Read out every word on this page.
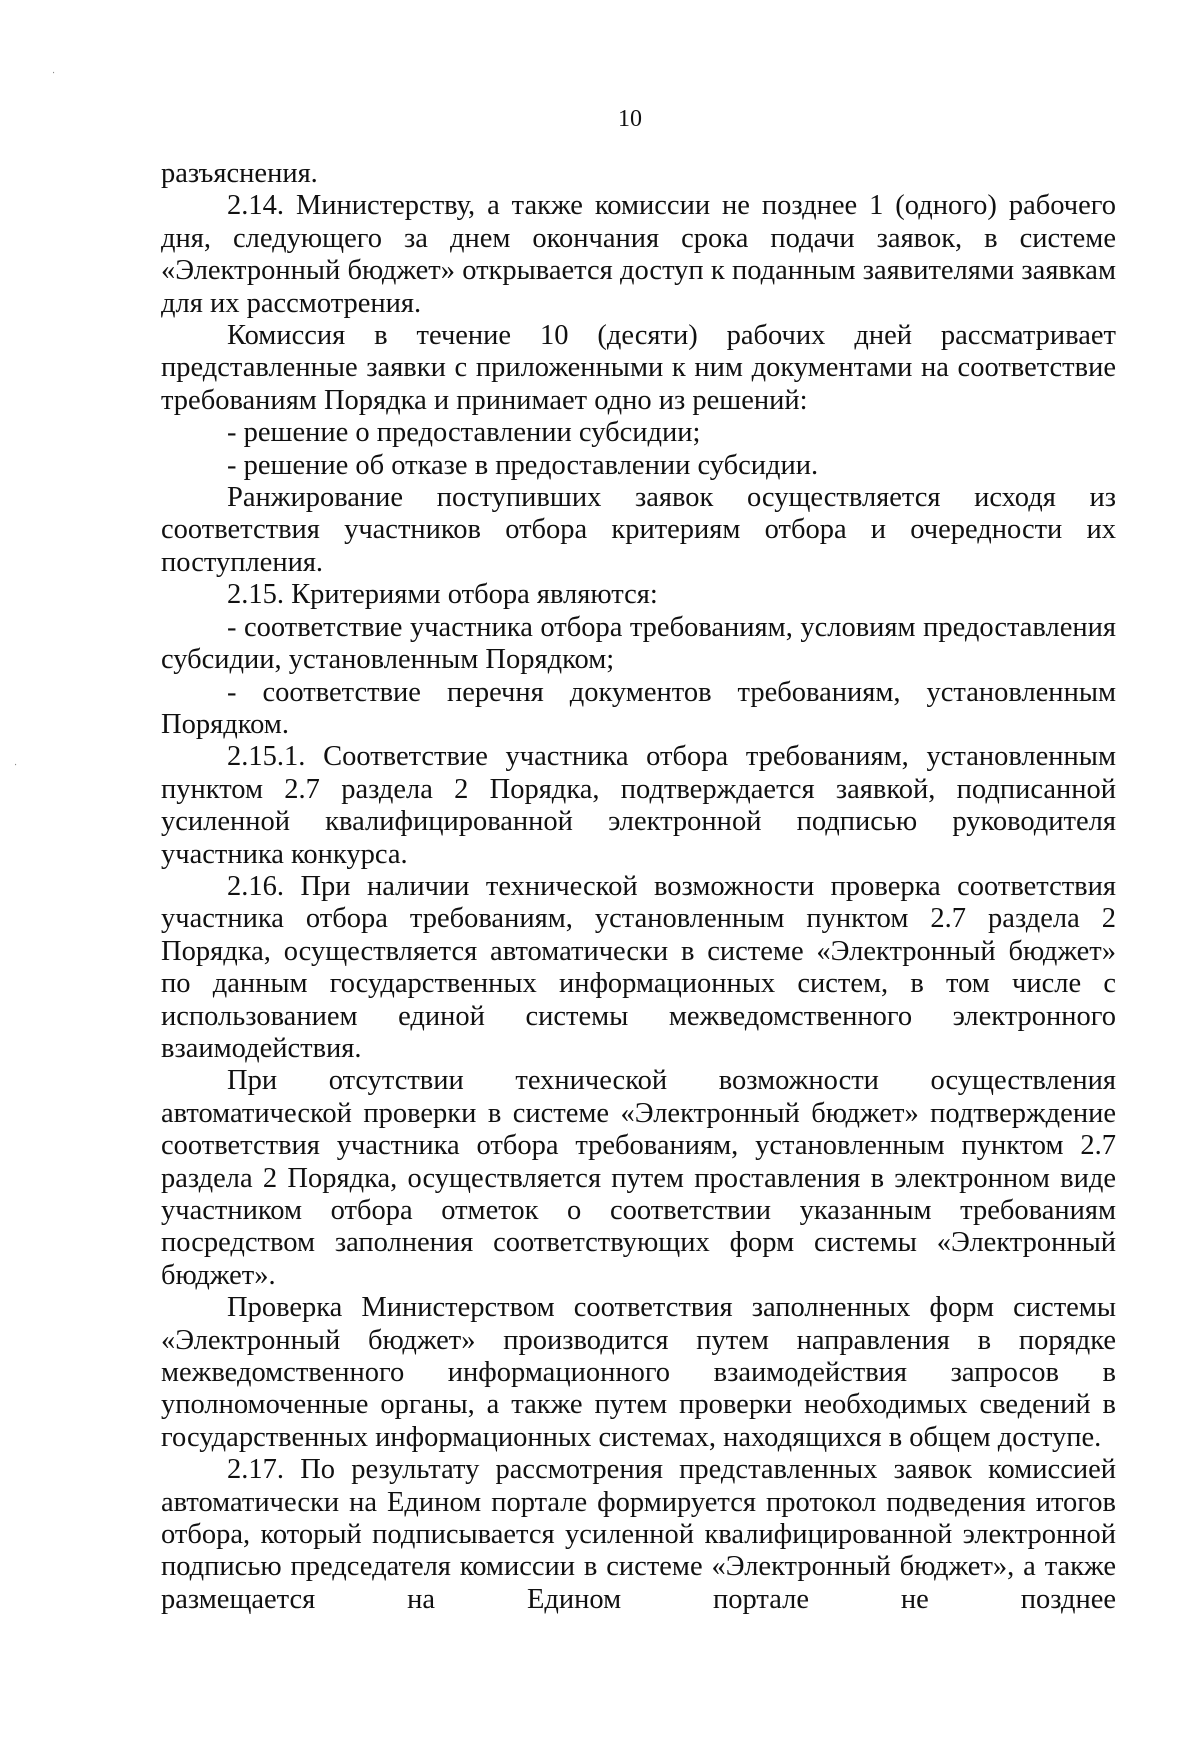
10

разъяснения.

2.14. Министерству, а также комиссии не позднее 1 (одного) рабочего дня, следующего за днем окончания срока подачи заявок, в системе «Электронный бюджет» открывается доступ к поданным заявителями заявкам для их рассмотрения.

Комиссия в течение 10 (десяти) рабочих дней рассматривает представленные заявки с приложенными к ним документами на соответствие требованиям Порядка и принимает одно из решений:

- решение о предоставлении субсидии;

- решение об отказе в предоставлении субсидии.

Ранжирование поступивших заявок осуществляется исходя из соответствия участников отбора критериям отбора и очередности их поступления.

2.15. Критериями отбора являются:

- соответствие участника отбора требованиям, условиям предоставления субсидии, установленным Порядком;

- соответствие перечня документов требованиям, установленным Порядком.

2.15.1. Соответствие участника отбора требованиям, установленным пунктом 2.7 раздела 2 Порядка, подтверждается заявкой, подписанной усиленной квалифицированной электронной подписью руководителя участника конкурса.

2.16. При наличии технической возможности проверка соответствия участника отбора требованиям, установленным пунктом 2.7 раздела 2 Порядка, осуществляется автоматически в системе «Электронный бюджет» по данным государственных информационных систем, в том числе с использованием единой системы межведомственного электронного взаимодействия.

При отсутствии технической возможности осуществления автоматической проверки в системе «Электронный бюджет» подтверждение соответствия участника отбора требованиям, установленным пунктом 2.7 раздела 2 Порядка, осуществляется путем проставления в электронном виде участником отбора отметок о соответствии указанным требованиям посредством заполнения соответствующих форм системы «Электронный бюджет».

Проверка Министерством соответствия заполненных форм системы «Электронный бюджет» производится путем направления в порядке межведомственного информационного взаимодействия запросов в уполномоченные органы, а также путем проверки необходимых сведений в государственных информационных системах, находящихся в общем доступе.

2.17. По результату рассмотрения представленных заявок комиссией автоматически на Едином портале формируется протокол подведения итогов отбора, который подписывается усиленной квалифицированной электронной подписью председателя комиссии в системе «Электронный бюджет», а также размещается на Едином портале не позднее

⋅
⋅
